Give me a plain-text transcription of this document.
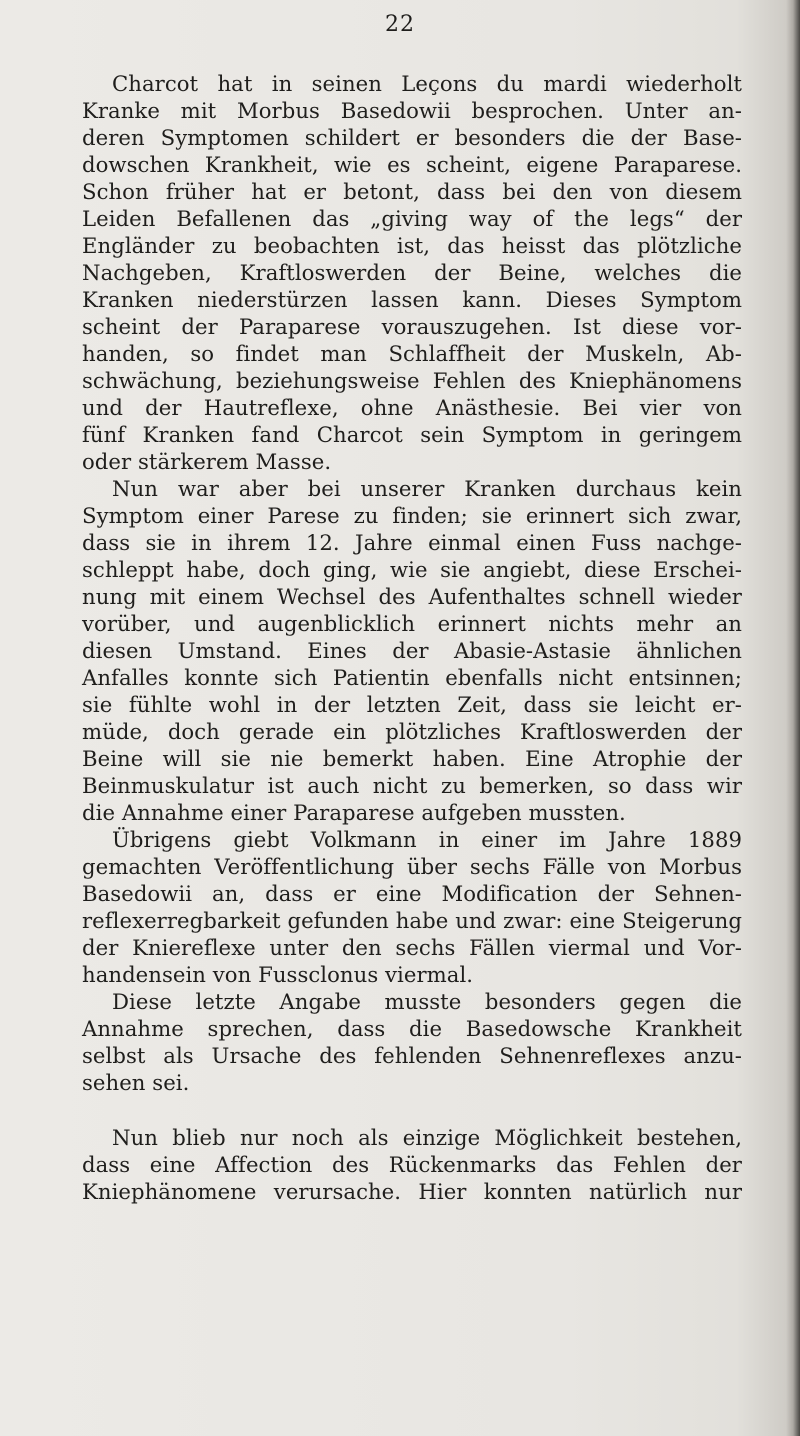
22
Charcot hat in seinen Leçons du mardi wiederholt
Kranke mit Morbus Basedowii besprochen. Unter an-
deren Symptomen schildert er besonders die der Base-
dowschen Krankheit, wie es scheint, eigene Paraparese.
Schon früher hat er betont, dass bei den von diesem
Leiden Befallenen das „giving way of the legs“ der
Engländer zu beobachten ist, das heisst das plötzliche
Nachgeben, Kraftloswerden der Beine, welches die
Kranken niederstürzen lassen kann. Dieses Symptom
scheint der Paraparese vorauszugehen. Ist diese vor-
handen, so findet man Schlaffheit der Muskeln, Ab-
schwächung, beziehungsweise Fehlen des Kniephänomens
und der Hautreflexe, ohne Anästhesie. Bei vier von
fünf Kranken fand Charcot sein Symptom in geringem
oder stärkerem Masse.
Nun war aber bei unserer Kranken durchaus kein
Symptom einer Parese zu finden; sie erinnert sich zwar,
dass sie in ihrem 12. Jahre einmal einen Fuss nachge-
schleppt habe, doch ging, wie sie angiebt, diese Erschei-
nung mit einem Wechsel des Aufenthaltes schnell wieder
vorüber, und augenblicklich erinnert nichts mehr an
diesen Umstand. Eines der Abasie-Astasie ähnlichen
Anfalles konnte sich Patientin ebenfalls nicht entsinnen;
sie fühlte wohl in der letzten Zeit, dass sie leicht er-
müde, doch gerade ein plötzliches Kraftloswerden der
Beine will sie nie bemerkt haben. Eine Atrophie der
Beinmuskulatur ist auch nicht zu bemerken, so dass wir
die Annahme einer Paraparese aufgeben mussten.
Übrigens giebt Volkmann in einer im Jahre 1889
gemachten Veröffentlichung über sechs Fälle von Morbus
Basedowii an, dass er eine Modification der Sehnen-
reflexerregbarkeit gefunden habe und zwar: eine Steigerung
der Kniereflexe unter den sechs Fällen viermal und Vor-
handensein von Fussclonus viermal.
Diese letzte Angabe musste besonders gegen die
Annahme sprechen, dass die Basedowsche Krankheit
selbst als Ursache des fehlenden Sehnenreflexes anzu-
sehen sei.
Nun blieb nur noch als einzige Möglichkeit bestehen,
dass eine Affection des Rückenmarks das Fehlen der
Kniephänomene verursache. Hier konnten natürlich nur
